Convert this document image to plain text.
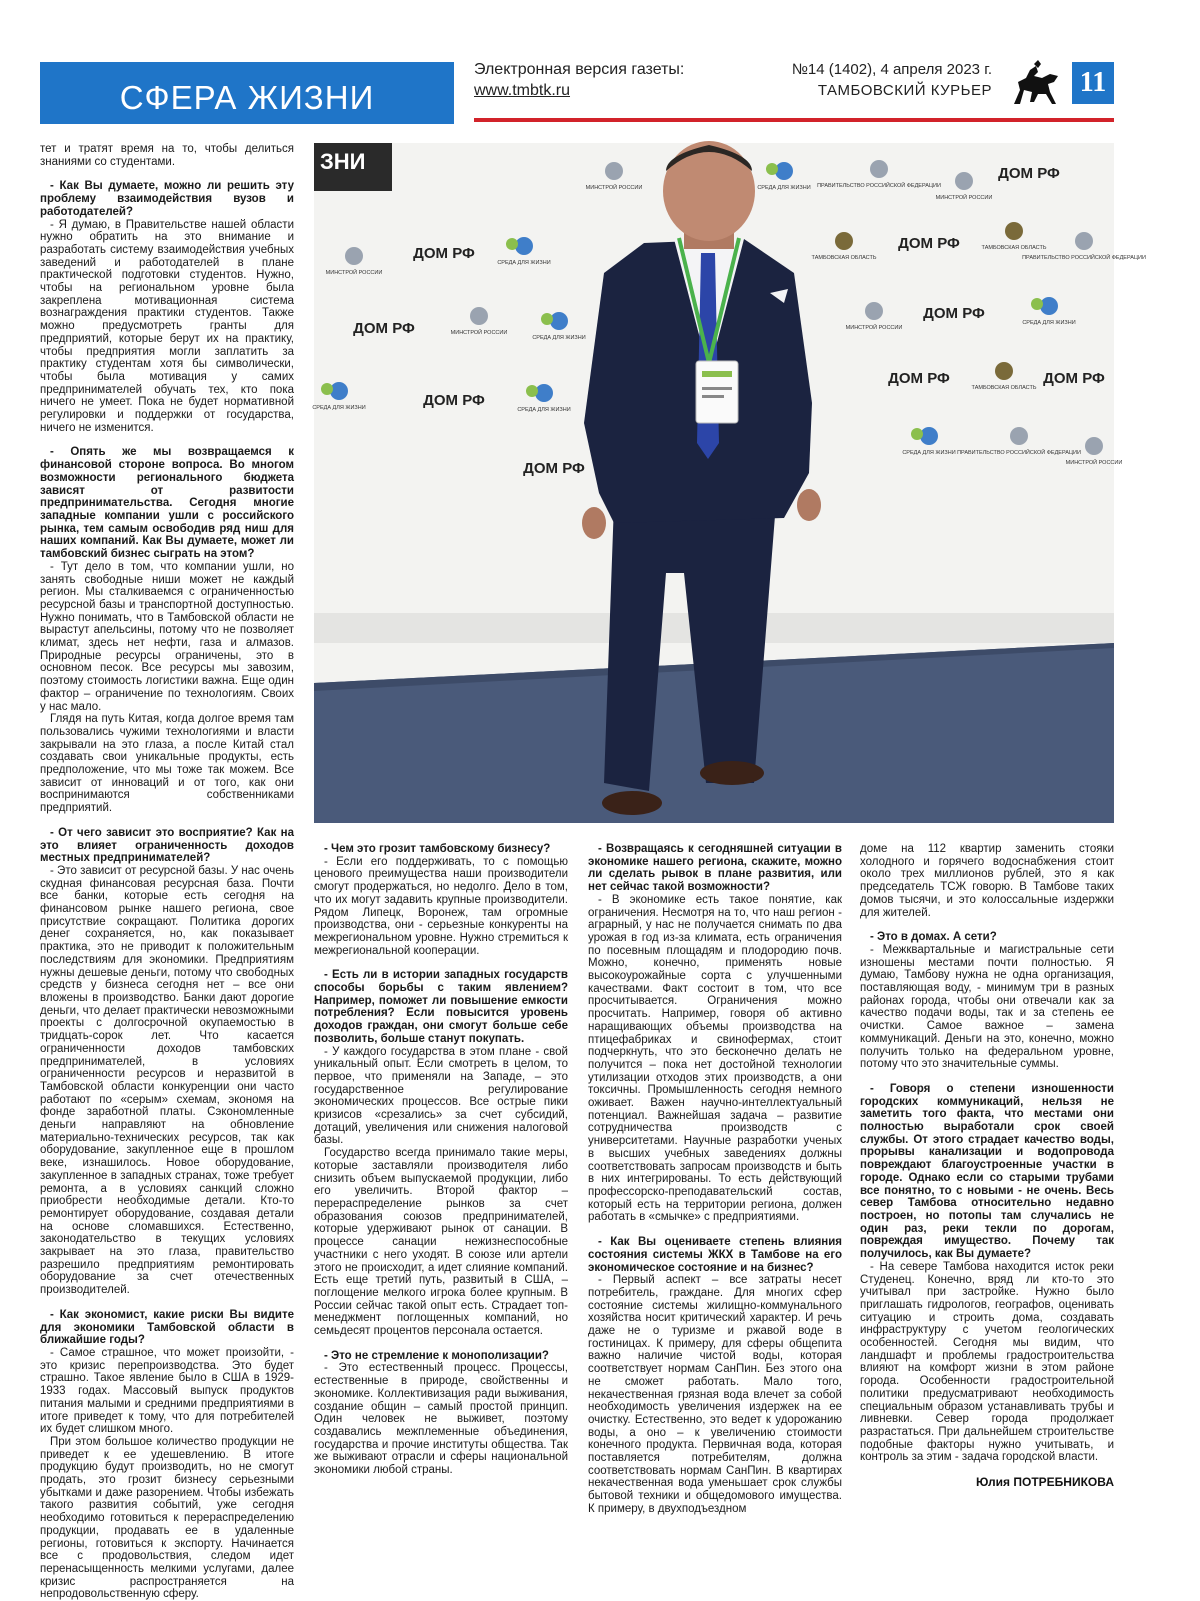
СФЕРА ЖИЗНИ
Электронная версия газеты:
www.tmbtk.ru
№14 (1402), 4 апреля 2023 г.
ТАМБОВСКИЙ КУРЬЕР	11
ЗНИ
МИНСТРОЙ РОССИИ	СРЕДА ДЛЯ ЖИЗНИ ПРАВИТЕЛЬСТВО РОССИЙСКОЙ ФЕДЕРАЦИИ
МИНСТРОЙ РОССИИ
ДОМ РФ
МИНСТРОЙ РОССИИ
ДОМ РФ
СРЕДА ДЛЯ ЖИЗНИ
ТАМБОВСКАЯ ОБЛАСТЬ
ДОМ РФ	ТАМБОВСКАЯ ОБЛАСТЬ
ПРАВИТЕЛЬСТВО РОССИЙСКОЙ ФЕДЕРАЦИИ
ДОМ РФ	МИНСТРОЙ РОССИИ
СРЕДА ДЛЯ ЖИЗНИ
МИНСТРОЙ РОССИИ
ДОМ РФ
СРЕДА ДЛЯ ЖИЗНИ
СРЕДА ДЛЯ ЖИЗНИ	ДОМ РФ
СРЕДА ДЛЯ ЖИЗНИ
ДОМ РФ
ТАМБОВСКАЯ ОБЛАСТЬ
ДОМ РФ
ДОМ РФ
СРЕДА ДЛЯ ЖИЗНИ ПРАВИТЕЛЬСТВО РОССИЙСКОЙ ФЕДЕРАЦИИ
МИНСТРОЙ РОССИИ

тет и тратят время на то, чтобы делиться знаниями со студентами.

- Как Вы думаете, можно ли решить эту проблему взаимодействия вузов и работодателей?

- Я думаю, в Правительстве нашей области нужно обратить на это внимание и разработать систему взаимодействия учебных заведений и работодателей в плане практической подготовки студентов. Нужно, чтобы на региональном уровне была закреплена мотивационная система вознаграждения практики студентов. Также можно предусмотреть гранты для предприятий, которые берут их на практику, чтобы предприятия могли заплатить за практику студентам хотя бы символически, чтобы была мотивация у самих предпринимателей обучать тех, кто пока ничего не умеет. Пока не будет нормативной регулировки и поддержки от государства, ничего не изменится.

- Опять же мы возвращаемся к финансовой стороне вопроса. Во многом возможности регионального бюджета зависят от развитости предпринимательства. Сегодня многие западные компании ушли с российского рынка, тем самым освободив ряд ниш для наших компаний. Как Вы думаете, может ли тамбовский бизнес сыграть на этом?

- Тут дело в том, что компании ушли, но занять свободные ниши может не каждый регион. Мы сталкиваемся с ограниченностью ресурсной базы и транспортной доступностью. Нужно понимать, что в Тамбовской области не вырастут апельсины, потому что не позволяет климат, здесь нет нефти, газа и алмазов. Природные ресурсы ограничены, это в основном песок. Все ресурсы мы завозим, поэтому стоимость логистики важна. Еще один фактор – ограничение по технологиям. Своих у нас мало.

Глядя на путь Китая, когда долгое время там пользовались чужими технологиями и власти закрывали на это глаза, а после Китай стал создавать свои уникальные продукты, есть предположение, что мы тоже так можем. Все зависит от инноваций и от того, как они воспринимаются собственниками предприятий.

- От чего зависит это восприятие? Как на это влияет ограниченность доходов местных предпринимателей?

- Это зависит от ресурсной базы. У нас очень скудная финансовая ресурсная база. Почти все банки, которые есть сегодня на финансовом рынке нашего региона, свое присутствие сокращают. Политика дорогих денег сохраняется, но, как показывает практика, это не приводит к положительным последствиям для экономики. Предприятиям нужны дешевые деньги, потому что свободных средств у бизнеса сегодня нет – все они вложены в производство. Банки дают дорогие деньги, что делает практически невозможными проекты с долгосрочной окупаемостью в тридцать-сорок лет. Что касается ограниченности доходов тамбовских предпринимателей, в условиях ограниченности ресурсов и неразвитой в Тамбовской области конкуренции они часто работают по «серым» схемам, экономя на фонде заработной платы. Сэкономленные деньги направляют на обновление материально-технических ресурсов, так как оборудование, закупленное еще в прошлом веке, изнашилось. Новое оборудование, закупленное в западных странах, тоже требует ремонта, а в условиях санкций сложно приобрести необходимые детали. Кто-то ремонтирует оборудование, создавая детали на основе сломавшихся. Естественно, законодательство в текущих условиях закрывает на это глаза, правительство разрешило предприятиям ремонтировать оборудование за счет отечественных производителей.

- Как экономист, какие риски Вы видите для экономики Тамбовской области в ближайшие годы?

- Самое страшное, что может произойти, - это кризис перепроизводства. Это будет страшно. Такое явление было в США в 1929-1933 годах. Массовый выпуск продуктов питания малыми и средними предприятиями в итоге приведет к тому, что для потребителей их будет слишком много.

При этом большое количество продукции не приведет к ее удешевлению. В итоге продукцию будут производить, но не смогут продать, это грозит бизнесу серьезными убытками и даже разорением. Чтобы избежать такого развития событий, уже сегодня необходимо готовиться к перераспределению продукции, продавать ее в удаленные регионы, готовиться к экспорту. Начинается все с продовольствия, следом идет перенасыщенность мелкими услугами, далее кризис распространяется на непродовольственную сферу.

- Чем это грозит тамбовскому бизнесу?

- Если его поддерживать, то с помощью ценового преимущества наши производители смогут продержаться, но недолго. Дело в том, что их могут задавить крупные производители. Рядом Липецк, Воронеж, там огромные производства, они - серьезные конкуренты на межрегиональном уровне. Нужно стремиться к межрегиональной кооперации.

- Есть ли в истории западных государств способы борьбы с таким явлением? Например, поможет ли повышение емкости потребления? Если повысится уровень доходов граждан, они смогут больше себе позволить, больше станут покупать.

- У каждого государства в этом плане - свой уникальный опыт. Если смотреть в целом, то первое, что применяли на Западе, – это государственное регулирование экономических процессов. Все острые пики кризисов «срезались» за счет субсидий, дотаций, увеличения или снижения налоговой базы.

Государство всегда принимало такие меры, которые заставляли производителя либо снизить объем выпускаемой продукции, либо его увеличить. Второй фактор – перераспределение рынков за счет образования союзов предпринимателей, которые удерживают рынок от санации. В процессе санации нежизнеспособные участники с него уходят. В союзе или артели этого не происходит, а идет слияние компаний. Есть еще третий путь, развитый в США, – поглощение мелкого игрока более крупным. В России сейчас такой опыт есть. Страдает топ-менеджмент поглощенных компаний, но семьдесят процентов персонала остается.

- Это не стремление к монополизации?

- Это естественный процесс. Процессы, естественные в природе, свойственны и экономике. Коллективизация ради выживания, создание общин – самый простой принцип. Один человек не выживет, поэтому создавались межплеменные объединения, государства и прочие институты общества. Так же выживают отрасли и сферы национальной экономики любой страны.

- Возвращаясь к сегодняшней ситуации в экономике нашего региона, скажите, можно ли сделать рывок в плане развития, или нет сейчас такой возможности?

- В экономике есть такое понятие, как ограничения. Несмотря на то, что наш регион - аграрный, у нас не получается снимать по два урожая в год из-за климата, есть ограничения по посевным площадям и плодородию почв. Можно, конечно, применять новые высокоурожайные сорта с улучшенными качествами. Факт состоит в том, что все просчитывается. Ограничения можно просчитать. Например, говоря об активно наращивающих объемы производства на птицефабриках и свинофермах, стоит подчеркнуть, что это бесконечно делать не получится – пока нет достойной технологии утилизации отходов этих производств, а они токсичны. Промышленность сегодня немного оживает. Важен научно-интеллектуальный потенциал. Важнейшая задача – развитие сотрудничества производств с университетами. Научные разработки ученых в высших учебных заведениях должны соответствовать запросам производств и быть в них интегрированы. То есть действующий профессорско-преподавательский состав, который есть на территории региона, должен работать в «смычке» с предприятиями.

- Как Вы оцениваете степень влияния состояния системы ЖКХ в Тамбове на его экономическое состояние и на бизнес?

- Первый аспект – все затраты несет потребитель, граждане. Для многих сфер состояние системы жилищно-коммунального хозяйства носит критический характер. И речь даже не о туризме и ржавой воде в гостиницах. К примеру, для сферы общепита важно наличие чистой воды, которая соответствует нормам СанПин. Без этого она не сможет работать. Мало того, некачественная грязная вода влечет за собой необходимость увеличения издержек на ее очистку. Естественно, это ведет к удорожанию воды, а оно – к увеличению стоимости конечного продукта. Первичная вода, которая поставляется потребителям, должна соответствовать нормам СанПин. В квартирах некачественная вода уменьшает срок службы бытовой техники и общедомового имущества. К примеру, в двухподъездном

доме на 112 квартир заменить стояки холодного и горячего водоснабжения стоит около трех миллионов рублей, это я как председатель ТСЖ говорю. В Тамбове таких домов тысячи, и это колоссальные издержки для жителей.

- Это в домах. А сети?

- Межквартальные и магистральные сети изношены местами почти полностью. Я думаю, Тамбову нужна не одна организация, поставляющая воду, - минимум три в разных районах города, чтобы они отвечали как за качество подачи воды, так и за степень ее очистки. Самое важное – замена коммуникаций. Деньги на это, конечно, можно получить только на федеральном уровне, потому что это значительные суммы.

- Говоря о степени изношенности городских коммуникаций, нельзя не заметить того факта, что местами они полностью выработали срок своей службы. От этого страдает качество воды, прорывы канализации и водопровода повреждают благоустроенные участки в городе. Однако если со старыми трубами все понятно, то с новыми - не очень. Весь север Тамбова относительно недавно построен, но потопы там случались не один раз, реки текли по дорогам, повреждая имущество. Почему так получилось, как Вы думаете?

- На севере Тамбова находится исток реки Студенец. Конечно, вряд ли кто-то это учитывал при застройке. Нужно было приглашать гидрологов, географов, оценивать ситуацию и строить дома, создавать инфраструктуру с учетом геологических особенностей. Сегодня мы видим, что ландшафт и проблемы градостроительства влияют на комфорт жизни в этом районе города. Особенности градостроительной политики предусматривают необходимость специальным образом устанавливать трубы и ливневки. Север города продолжает разрастаться. При дальнейшем строительстве подобные факторы нужно учитывать, и контроль за этим - задача городской власти.

Юлия ПОТРЕБНИКОВА
